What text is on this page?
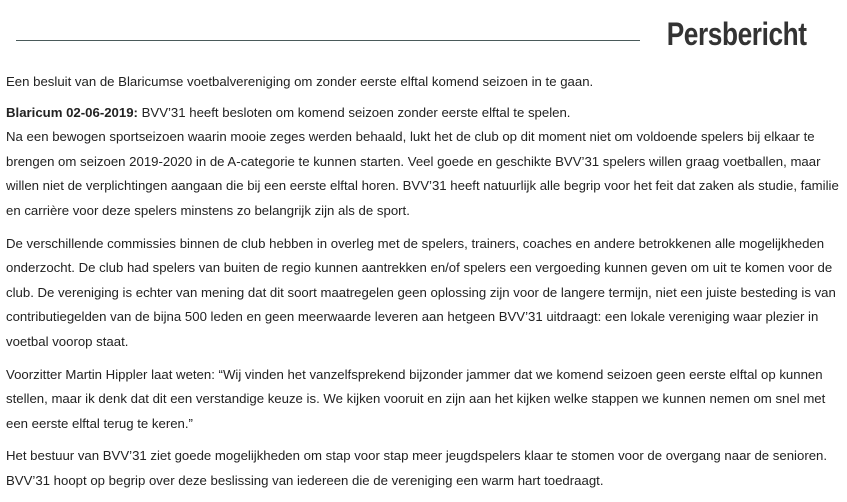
Persbericht

Een besluit van de Blaricumse voetbalvereniging om zonder eerste elftal komend seizoen in te gaan.

Blaricum 02-06-2019: BVV’31 heeft besloten om komend seizoen zonder eerste elftal te spelen.
Na een bewogen sportseizoen waarin mooie zeges werden behaald, lukt het de club op dit moment niet om voldoende spelers bij elkaar te brengen om seizoen 2019-2020 in de A-categorie te kunnen starten. Veel goede en geschikte BVV’31 spelers willen graag voetballen, maar willen niet de verplichtingen aangaan die bij een eerste elftal horen. BVV’31 heeft natuurlijk alle begrip voor het feit dat zaken als studie, familie en carrière voor deze spelers minstens zo belangrijk zijn als de sport.

De verschillende commissies binnen de club hebben in overleg met de spelers, trainers, coaches en andere betrokkenen alle mogelijkheden onderzocht. De club had spelers van buiten de regio kunnen aantrekken en/of spelers een vergoeding kunnen geven om uit te komen voor de club. De vereniging is echter van mening dat dit soort maatregelen geen oplossing zijn voor de langere termijn, niet een juiste besteding is van contributiegelden van de bijna 500 leden en geen meerwaarde leveren aan hetgeen BVV’31 uitdraagt: een lokale vereniging waar plezier in voetbal voorop staat.

Voorzitter Martin Hippler laat weten: “Wij vinden het vanzelfsprekend bijzonder jammer dat we komend seizoen geen eerste elftal op kunnen stellen, maar ik denk dat dit een verstandige keuze is. We kijken vooruit en zijn aan het kijken welke stappen we kunnen nemen om snel met een eerste elftal terug te keren.”

Het bestuur van BVV’31 ziet goede mogelijkheden om stap voor stap meer jeugdspelers klaar te stomen voor de overgang naar de senioren. BVV’31 hoopt op begrip over deze beslissing van iedereen die de vereniging een warm hart toedraagt.
